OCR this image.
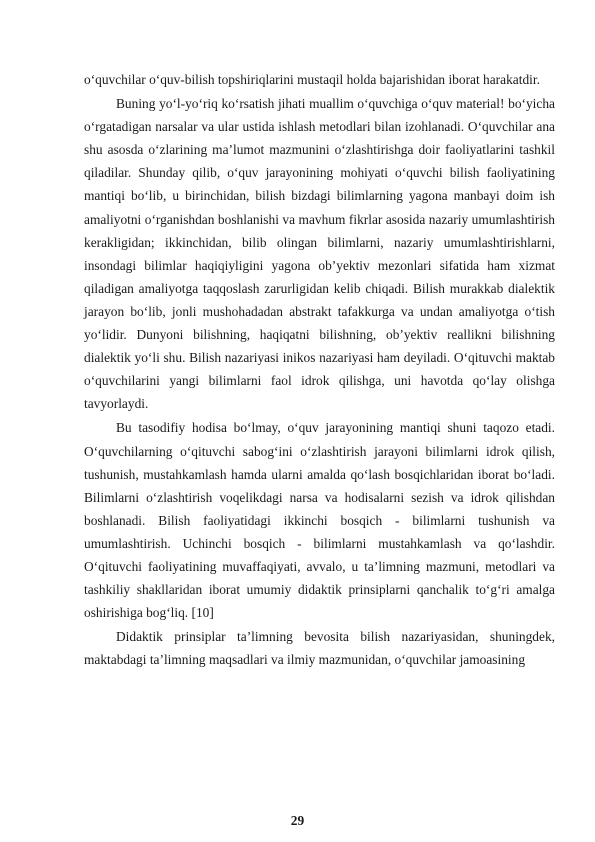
o‘quvchilar o‘quv-bilish topshiriqlarini mustaqil holda bajarishidan iborat harakatdir.

Buning yo‘l-yo‘riq ko‘rsatish jihati muallim o‘quvchiga o‘quv material! bo‘yicha o‘rgatadigan narsalar va ular ustida ishlash metodlari bilan izohlanadi. O‘quvchilar ana shu asosda o‘zlarining ma’lumot mazmunini o‘zlashtirishga doir faoliyatlarini tashkil qiladilar. Shunday qilib, o‘quv jarayonining mohiyati o‘quvchi bilish faoliyatining mantiqi bo‘lib, u birinchidan, bilish bizdagi bilimlarning yagona manbayi doim ish amaliyotni o‘rganishdan boshlanishi va mavhum fikrlar asosida nazariy umumlashtirish kerakligidan; ikkinchidan, bilib olingan bilimlarni, nazariy umumlashtirishlarni, insondagi bilimlar haqiqiyligini yagona ob’yektiv mezonlari sifatida ham xizmat qiladigan amaliyotga taqqoslash zarurligidan kelib chiqadi. Bilish murakkab dialektik jarayon bo‘lib, jonli mushohadadan abstrakt tafakkurga va undan amaliyotga o‘tish yo‘lidir. Dunyoni bilishning, haqiqatni bilishning, ob’yektiv reallikni bilishning dialektik yo‘li shu. Bilish nazariyasi inikos nazariyasi ham deyiladi. O‘qituvchi maktab o‘quvchilarini yangi bilimlarni faol idrok qilishga, uni havotda qo‘lay olishga tavyorlaydi.

Bu tasodifiy hodisa bo‘lmay, o‘quv jarayonining mantiqi shuni taqozo etadi. O‘quvchilarning o‘qituvchi sabog‘ini o‘zlashtirish jarayoni bilimlarni idrok qilish, tushunish, mustahkamlash hamda ularni amalda qo‘lash bosqichlaridan iborat bo‘ladi. Bilimlarni o‘zlashtirish voqelikdagi narsa va hodisalarni sezish va idrok qilishdan boshlanadi. Bilish faoliyatidagi ikkinchi bosqich - bilimlarni tushunish va umumlashtirish. Uchinchi bosqich - bilimlarni mustahkamlash va qo‘lashdir. O‘qituvchi faoliyatining muvaffaqiyati, avvalo, u ta’limning mazmuni, metodlari va tashkiliy shakllaridan iborat umumiy didaktik prinsiplarni qanchalik to‘g‘ri amalga oshirishiga bog‘liq. [10]

Didaktik prinsiplar ta’limning bevosita bilish nazariyasidan, shuningdek, maktabdagi ta’limning maqsadlari va ilmiy mazmunidan, o‘quvchilar jamoasining

29
